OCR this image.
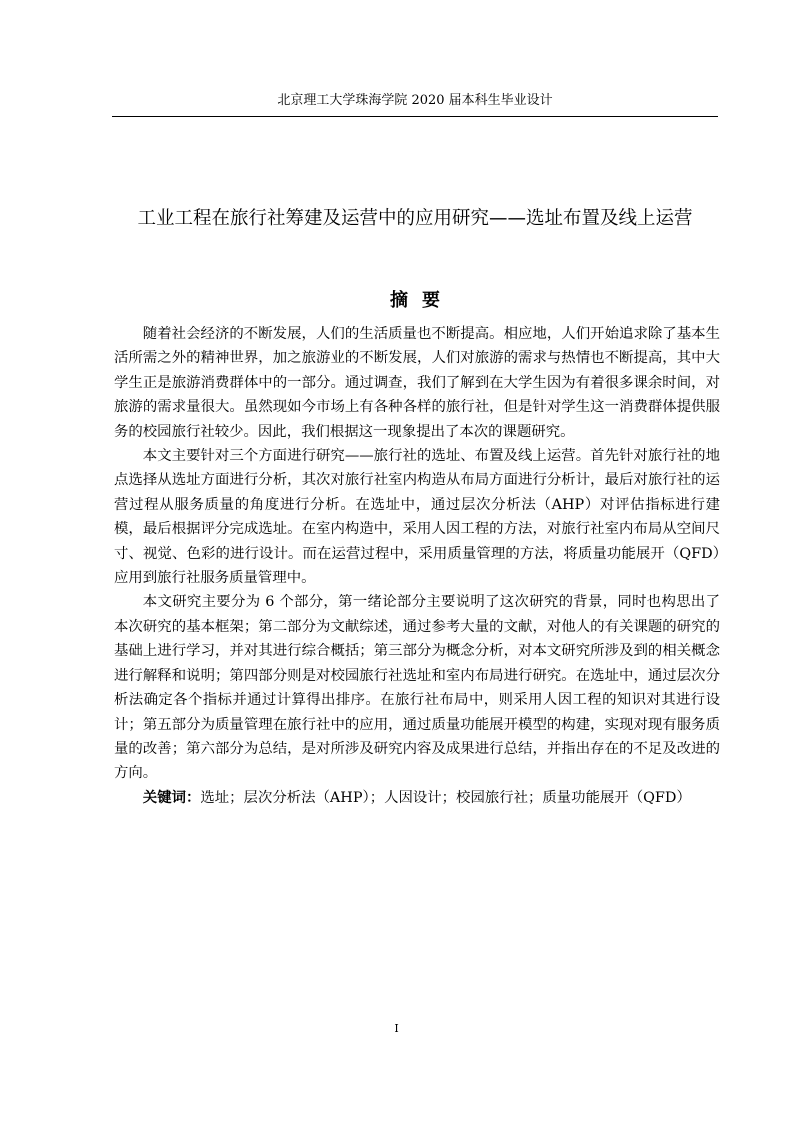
北京理工大学珠海学院 2020 届本科生毕业设计
工业工程在旅行社筹建及运营中的应用研究——选址布置及线上运营
摘要

随着社会经济的不断发展，人们的生活质量也不断提高。相应地，人们开始追求除了基本生活所需之外的精神世界，加之旅游业的不断发展，人们对旅游的需求与热情也不断提高，其中大学生正是旅游消费群体中的一部分。通过调查，我们了解到在大学生因为有着很多课余时间，对旅游的需求量很大。虽然现如今市场上有各种各样的旅行社，但是针对学生这一消费群体提供服务的校园旅行社较少。因此，我们根据这一现象提出了本次的课题研究。

本文主要针对三个方面进行研究——旅行社的选址、布置及线上运营。首先针对旅行社的地点选择从选址方面进行分析，其次对旅行社室内构造从布局方面进行分析计，最后对旅行社的运营过程从服务质量的角度进行分析。在选址中，通过层次分析法（AHP）对评估指标进行建模，最后根据评分完成选址。在室内构造中，采用人因工程的方法，对旅行社室内布局从空间尺寸、视觉、色彩的进行设计。而在运营过程中，采用质量管理的方法，将质量功能展开（QFD）应用到旅行社服务质量管理中。

本文研究主要分为 6 个部分，第一绪论部分主要说明了这次研究的背景，同时也构思出了本次研究的基本框架；第二部分为文献综述，通过参考大量的文献，对他人的有关课题的研究的基础上进行学习，并对其进行综合概括；第三部分为概念分析，对本文研究所涉及到的相关概念进行解释和说明；第四部分则是对校园旅行社选址和室内布局进行研究。在选址中，通过层次分析法确定各个指标并通过计算得出排序。在旅行社布局中，则采用人因工程的知识对其进行设计；第五部分为质量管理在旅行社中的应用，通过质量功能展开模型的构建，实现对现有服务质量的改善；第六部分为总结，是对所涉及研究内容及成果进行总结，并指出存在的不足及改进的方向。

关键词：选址；层次分析法（AHP）；人因设计；校园旅行社；质量功能展开（QFD）

I
